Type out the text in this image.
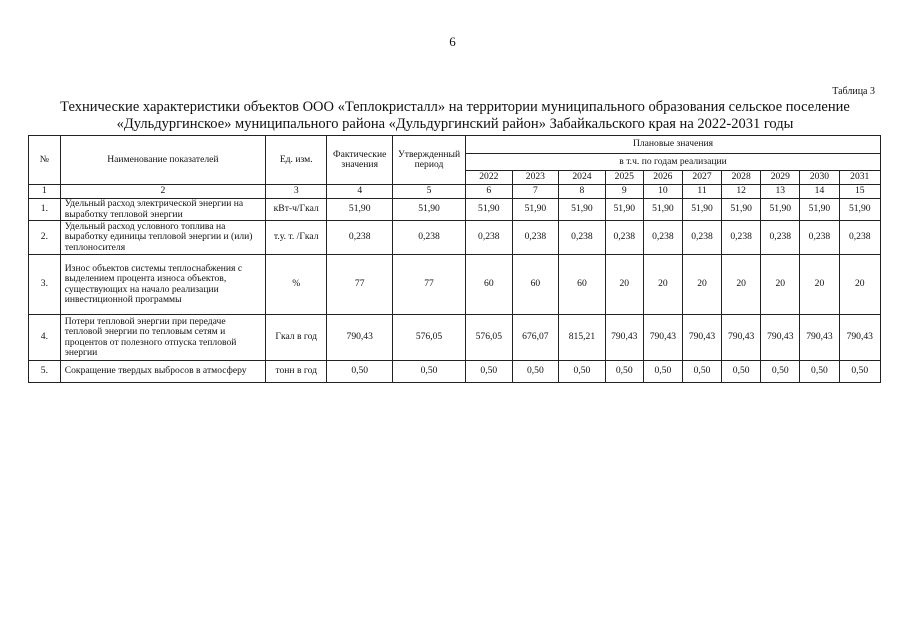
6
Таблица 3
Технические характеристики объектов ООО «Теплокристалл» на территории муниципального образования сельское поселение
«Дульдургинское» муниципального района «Дульдургинский район» Забайкальского края на 2022-2031 годы
№	Наименование показателей	Ед. изм.	Фактические значения	Утвержденный период	Плановые значения									
					в т.ч. по годам реализации									
					2022	2023	2024	2025	2026	2027	2028	2029	2030	2031
1	2	3	4	5	6	7	8	9	10	11	12	13	14	15
1.	Удельный расход электрической энергии на выработку тепловой энергии	кВт-ч/Гкал	51,90	51,90	51,90	51,90	51,90	51,90	51,90	51,90	51,90	51,90	51,90	51,90
2.	Удельный расход условного топлива на выработку единицы тепловой энергии и (или) теплоносителя	т.у. т. /Гкал	0,238	0,238	0,238	0,238	0,238	0,238	0,238	0,238	0,238	0,238	0,238	0,238
3.	Износ объектов системы теплоснабжения с выделением процента износа объектов, существующих на начало реализации инвестиционной программы	%	77	77	60	60	60	20	20	20	20	20	20	20
4.	Потери тепловой энергии при передаче тепловой энергии по тепловым сетям и процентов от полезного отпуска тепловой энергии	Гкал в год	790,43	576,05	576,05	676,07	815,21	790,43	790,43	790,43	790,43	790,43	790,43	790,43
5.	Сокращение твердых выбросов в атмосферу	тонн в год	0,50	0,50	0,50	0,50	0,50	0,50	0,50	0,50	0,50	0,50	0,50	0,50
